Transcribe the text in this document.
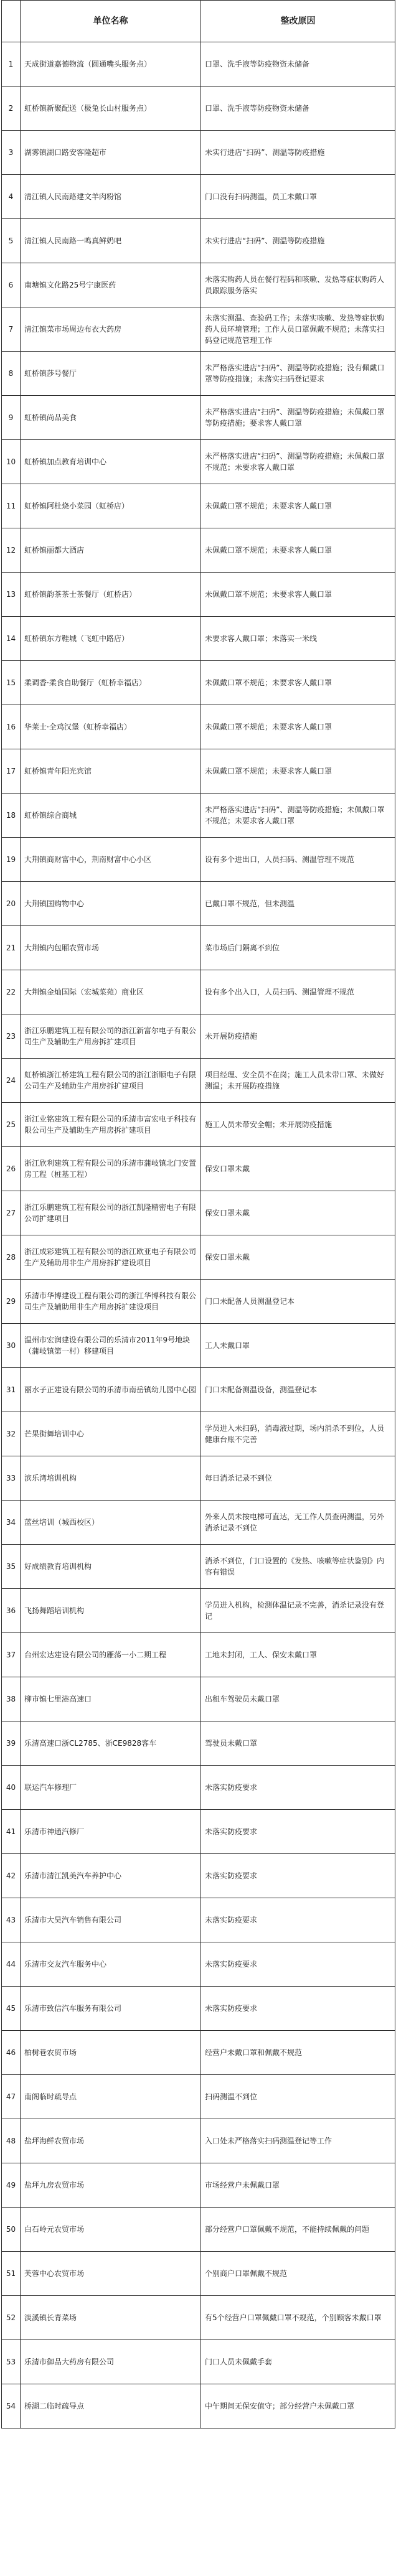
	单位名称	整改原因
1	天成街道嘉德物流（圆通嘴头服务点）	口罩、洗手液等防疫物资未储备
2	虹桥镇新聚配送（极兔长山村服务点）	口罩、洗手液等防疫物资未储备
3	湖雾镇湖口路安客隆超市	未实行进店“扫码”、测温等防疫措施
4	清江镇人民南路建文羊肉粉馆	门口没有扫码测温，员工未戴口罩
5	清江镇人民南路一鸣真鲜奶吧	未实行进店“扫码”、测温等防疫措施
6	南塘镇文化路25号宁康医药	未落实购药人员在餐行程码和咳嗽、发热等症状购药人员跟踪服务落实
7	清江镇菜市场周边布衣大药房	未落实测温、查验码工作；未落实咳嗽、发热等症状购药人员环境管理；工作人员口罩佩戴不规范；未落实扫码登记规范管理工作
8	虹桥镇莎号餐厅	未严格落实进店“扫码”、测温等防疫措施；没有佩戴口罩等防疫措施；未落实扫码登记要求
9	虹桥镇尚品美食	未严格落实进店“扫码”、测温等防疫措施；未佩戴口罩等防疫措施；要求客人戴口罩
10	虹桥镇加点教育培训中心	未严格落实进店“扫码”、测温等防疫措施；未佩戴口罩不规范；未要求客人戴口罩
11	虹桥镇阿杜烧小菜园（虹桥店）	未佩戴口罩不规范；未要求客人戴口罩
12	虹桥镇丽都大酒店	未佩戴口罩不规范；未要求客人戴口罩
13	虹桥镇韵茶茶士茶餐厅（虹桥店）	未佩戴口罩不规范；未要求客人戴口罩
14	虹桥镇东方鞋城（飞虹中路店）	未要求客人戴口罩；未落实一米线
15	柔调香·柔食自助餐厅（虹桥幸福店）	未佩戴口罩不规范；未要求客人戴口罩
16	华莱士·全鸡汉堡（虹桥幸福店）	未佩戴口罩不规范；未要求客人戴口罩
17	虹桥镇青年阳光宾馆	未佩戴口罩不规范；未要求客人戴口罩
18	虹桥镇综合商城	未严格落实进店“扫码”、测温等防疫措施；未佩戴口罩不规范；未要求客人戴口罩
19	大荆镇商财富中心，荆南财富中心小区	设有多个进出口，人员扫码、测温管理不规范
20	大荆镇国购物中心	已戴口罩不规范，但未测温
21	大荆镇内包厢农贸市场	菜市场后门隔离不到位
22	大荆镇金灿国际（宏城菜苑）商业区	设有多个出入口，人员扫码、测温管理不规范
23	浙江乐鹏建筑工程有限公司的浙江新富尔电子有限公司生产及辅助生产用房拆扩建项目	未开展防疫措施
24	虹桥镇浙江桥建筑工程有限公司的浙江浙顺电子有限公司生产及辅助生产用房拆扩建项目	项目经理、安全员不在岗；施工人员未带口罩、未做好测温；未开展防疫措施
25	浙江业铭建筑工程有限公司的乐清市富宏电子科技有限公司生产及辅助生产用房拆扩建项目	施工人员未带安全帽；未开展防疫措施
26	浙江欣利建筑工程有限公司的乐清市蒲岐镇北门安置房工程（桩基工程）	保安口罩未戴
27	浙江乐鹏建筑工程有限公司的浙江凯隆精密电子有限公司扩建项目	保安口罩未戴
28	浙江成彩建筑工程有限公司的浙江欧亚电子有限公司生产及辅助用非生产用房拆扩建设项目	保安口罩未戴
29	乐清市华博建设工程有限公司的浙江华博科技有限公司生产及辅助用非生产用房拆扩建设项目	门口未配备人员测温登记本
30	温州市宏润建设有限公司的乐清市2011年9号地块（蒲岐镇第一村）移建项目	工人未戴口罩
31	丽水子正建设有限公司的乐清市南岳镇幼儿园中心园	门口未配备测温设备，测温登记本
32	芒果街舞培训中心	学员进入未扫码，消毒液过期，场内消杀不到位，人员健康台账不完善
33	滨乐湾培训机构	每日消杀记录不到位
34	蓝丝培训（城西校区）	外来人员未按电梯可直达，无工作人员查码测温，另外消杀记录不到位
35	好成绩教育培训机构	消杀不到位，门口设置的《发热、咳嗽等症状鉴别》内容有错误
36	飞扬舞蹈培训机构	学员进入机构，检测体温记录不完善，消杀记录没有登记
37	台州宏达建设有限公司的雁荡一小二期工程	工地未封闭，工人、保安未戴口罩
38	柳市镇七里港高速口	出租车驾驶员未戴口罩
39	乐清高速口浙CL2785、浙CE9828客车	驾驶员未戴口罩
40	联运汽车修理厂	未落实防疫要求
41	乐清市神通汽修厂	未落实防疫要求
42	乐清市清江凯美汽车养护中心	未落实防疫要求
43	乐清市大昊汽车销售有限公司	未落实防疫要求
44	乐清市交友汽车服务中心	未落实防疫要求
45	乐清市致信汽车服务有限公司	未落实防疫要求
46	柏树巷农贸市场	经营户未戴口罩和佩戴不规范
47	南阁临时疏导点	扫码测温不到位
48	盐坪海鲜农贸市场	入口处未严格落实扫码测温登记等工作
49	盐坪九房农贸市场	市场经营户未佩戴口罩
50	白石岭元农贸市场	部分经营户口罩佩戴不规范，不能持续佩戴的问题
51	芙蓉中心农贸市场	个别商户口罩佩戴不规范
52	淡溪镇长青菜场	有5个经营户口罩佩戴口罩不规范，个别顾客未戴口罩
53	乐清市御品大药房有限公司	门口人员未佩戴手套
54	桥湖二临时疏导点	中午期间无保安值守；部分经营户未佩戴口罩
